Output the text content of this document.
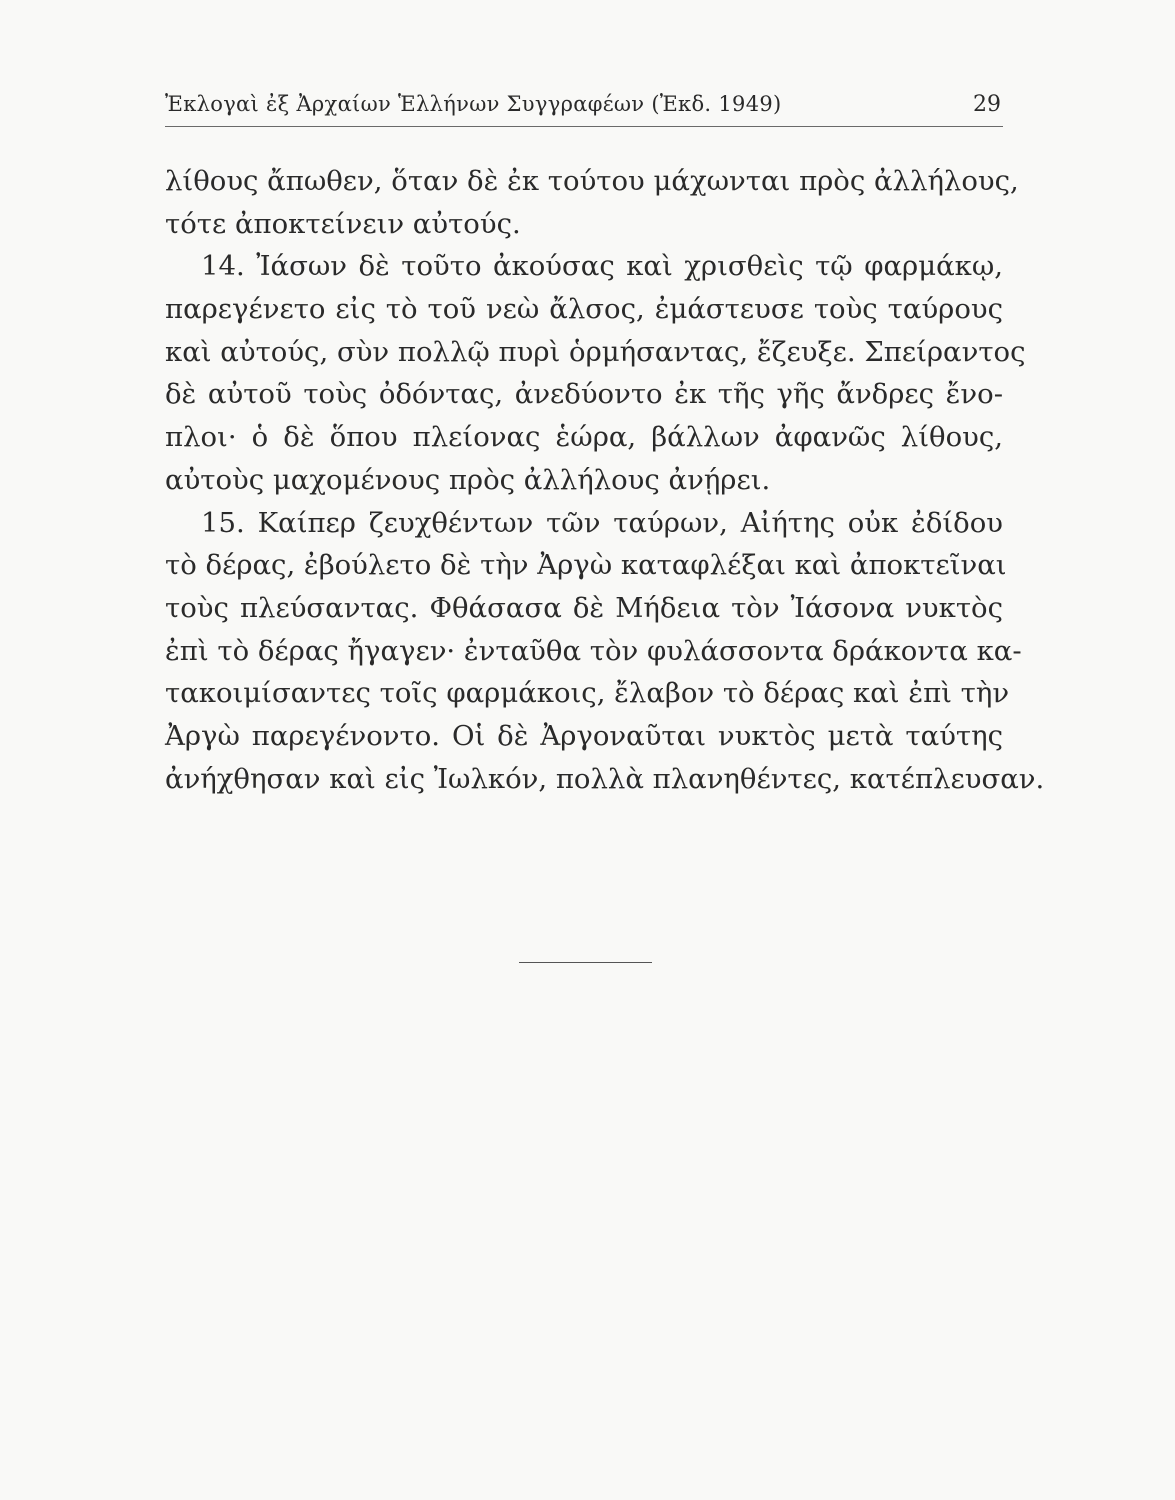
Ἐκλογαὶ ἐξ Ἀρχαίων Ἑλλήνων Συγγραφέων (Ἐκδ. 1949)	29
λίθους ἄπωθεν, ὅταν δὲ ἐκ τούτου μάχωνται πρὸς ἀλλήλους,
τότε ἀποκτείνειν αὐτούς.
14. Ἰάσων δὲ τοῦτο ἀκούσας καὶ χρισθεὶς τῷ φαρμάκῳ,
παρεγένετο εἰς τὸ τοῦ νεὼ ἄλσος, ἐμάστευσε τοὺς ταύρους
καὶ αὐτούς, σὺν πολλῷ πυρὶ ὁρμήσαντας, ἔζευξε. Σπείραντος
δὲ αὐτοῦ τοὺς ὀδόντας, ἀνεδύοντο ἐκ τῆς γῆς ἄνδρες ἔνο-
πλοι· ὁ δὲ ὅπου πλείονας ἑώρα, βάλλων ἀφανῶς λίθους,
αὐτοὺς μαχομένους πρὸς ἀλλήλους ἀνῄρει.
15. Καίπερ ζευχθέντων τῶν ταύρων, Αἰήτης οὐκ ἐδίδου
τὸ δέρας, ἐβούλετο δὲ τὴν Ἀργὼ καταφλέξαι καὶ ἀποκτεῖναι
τοὺς πλεύσαντας. Φθάσασα δὲ Μήδεια τὸν Ἰάσονα νυκτὸς
ἐπὶ τὸ δέρας ἤγαγεν· ἐνταῦθα τὸν φυλάσσοντα δράκοντα κα-
τακοιμίσαντες τοῖς φαρμάκοις, ἔλαβον τὸ δέρας καὶ ἐπὶ τὴν
Ἀργὼ παρεγένοντο. Οἱ δὲ Ἀργοναῦται νυκτὸς μετὰ ταύτης
ἀνήχθησαν καὶ εἰς Ἰωλκόν, πολλὰ πλανηθέντες, κατέπλευσαν.
